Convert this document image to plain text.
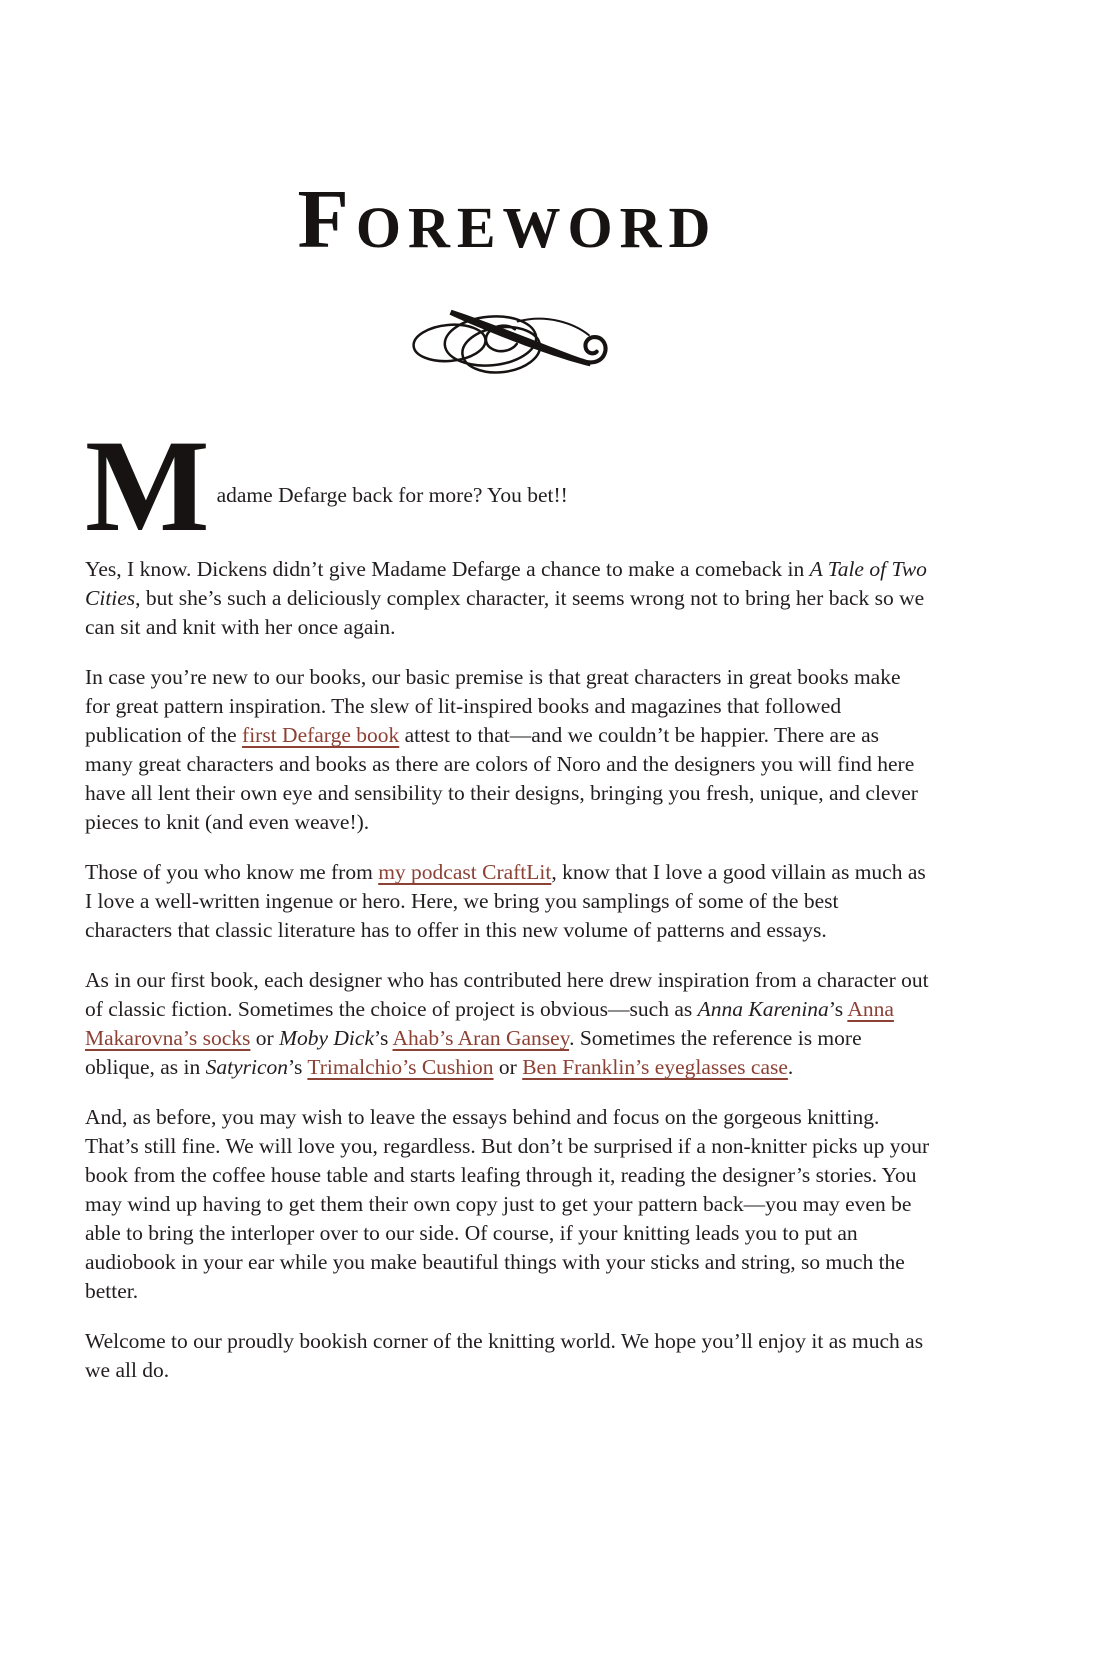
FOREWORD
M adame Defarge back for more? You bet!!

Yes, I know. Dickens didn’t give Madame Defarge a chance to make a comeback in A Tale of Two Cities, but she’s such a deliciously complex character, it seems wrong not to bring her back so we can sit and knit with her once again.

In case you’re new to our books, our basic premise is that great characters in great books make for great pattern inspiration. The slew of lit-inspired books and magazines that followed publication of the first Defarge book attest to that—and we couldn’t be happier. There are as many great characters and books as there are colors of Noro and the designers you will find here have all lent their own eye and sensibility to their designs, bringing you fresh, unique, and clever pieces to knit (and even weave!).

Those of you who know me from my podcast CraftLit, know that I love a good villain as much as I love a well-written ingenue or hero. Here, we bring you samplings of some of the best characters that classic literature has to offer in this new volume of patterns and essays.

As in our first book, each designer who has contributed here drew inspiration from a character out of classic fiction. Sometimes the choice of project is obvious—such as Anna Karenina’s Anna Makarovna’s socks or Moby Dick’s Ahab’s Aran Gansey. Sometimes the reference is more oblique, as in Satyricon’s Trimalchio’s Cushion or Ben Franklin’s eyeglasses case.

And, as before, you may wish to leave the essays behind and focus on the gorgeous knitting. That’s still fine. We will love you, regardless. But don’t be surprised if a non-knitter picks up your book from the coffee house table and starts leafing through it, reading the designer’s stories. You may wind up having to get them their own copy just to get your pattern back—you may even be able to bring the interloper over to our side. Of course, if your knitting leads you to put an audiobook in your ear while you make beautiful things with your sticks and string, so much the better.

Welcome to our proudly bookish corner of the knitting world. We hope you’ll enjoy it as much as we all do.
